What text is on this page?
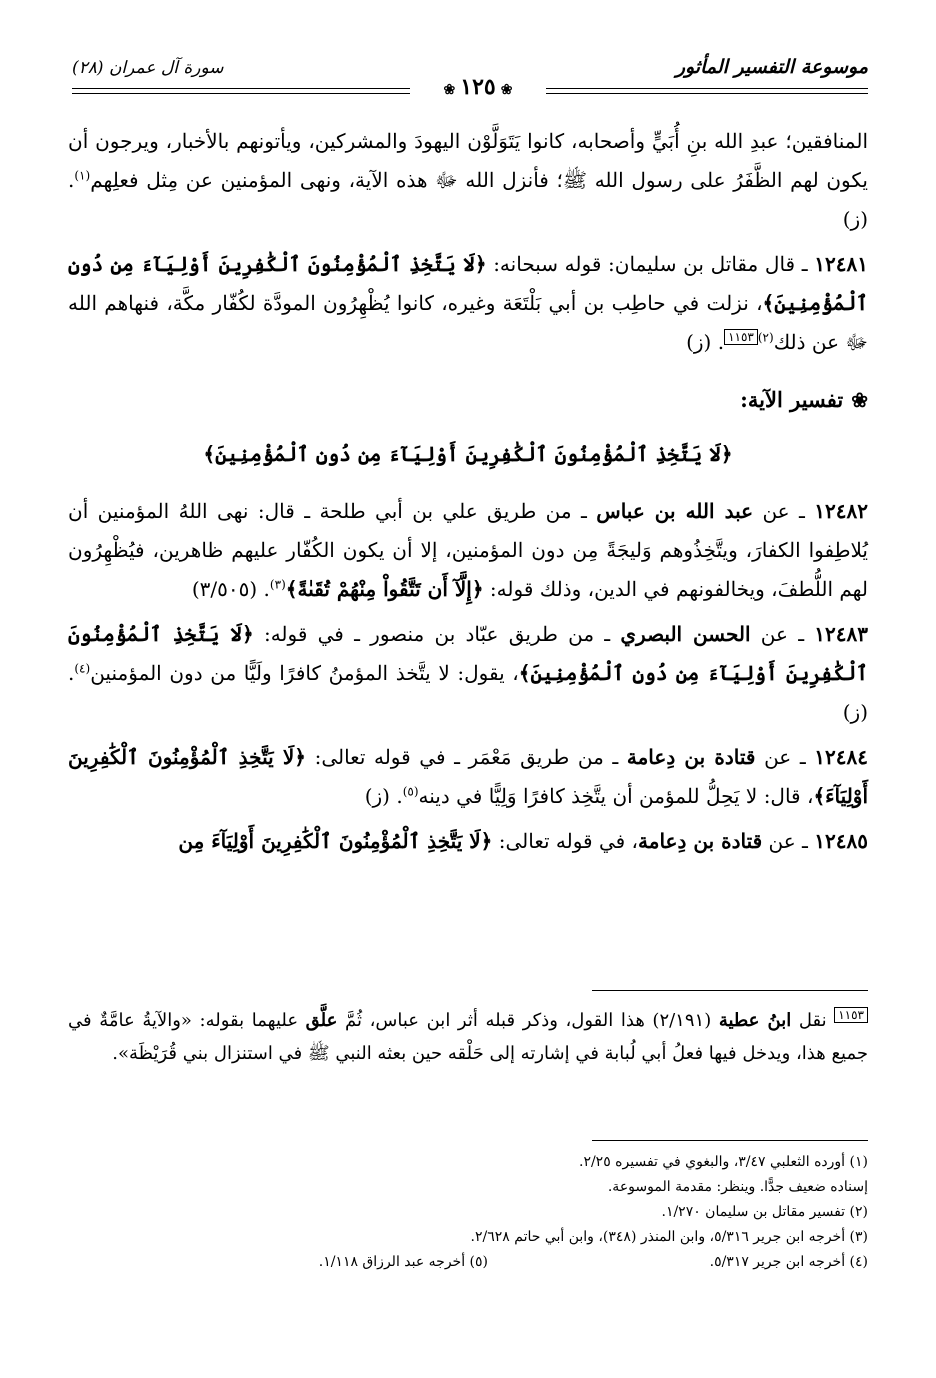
موسوعة التفسير المأثور
❀١٢٥❀
سورة آل عمران (٢٨)

المنافقين؛ عبدِ الله بنِ أُبَيٍّ وأصحابه، كانوا يَتَوَلَّوْن اليهودَ والمشركين، ويأتونهم بالأخبار، ويرجون أن يكون لهم الظَّفَرُ على رسول الله ﷺ؛ فأنزل الله ﷻ هذه الآية، ونهى المؤمنين عن مِثل فعلِهم$^{(١)}$. (ز)

١٢٤٨١ ـ قال مقاتل بن سليمان: قوله سبحانه: ﴿لَا يَتَّخِذِ ٱلْمُؤْمِنُونَ ٱلْكَٰفِرِينَ أَوْلِيَآءَ مِن دُونِ ٱلْمُؤْمِنِينَ﴾، نزلت في حاطِب بن أبي بَلْتَعَة وغيره، كانوا يُظْهِرُون المودَّة لكُفّار مكَّة، فنهاهم الله ﷻ عن ذلك$^{(٢)}$١١٥٣. (ز)

❀تفسير الآية:
﴿لَا يَتَّخِذِ ٱلْمُؤْمِنُونَ ٱلْكَٰفِرِينَ أَوْلِيَآءَ مِن دُونِ ٱلْمُؤْمِنِينَ﴾

١٢٤٨٢ ـ عن عبد الله بن عباس ـ من طريق علي بن أبي طلحة ـ قال: نهى اللهُ المؤمنين أن يُلاطِفوا الكفارَ، ويتَّخِذُوهم وَليجَةً مِن دون المؤمنين، إلا أن يكون الكُفّار عليهم ظاهرين، فيُظْهِرُون لهم اللُّطفَ، ويخالفونهم في الدين، وذلك قوله: ﴿إِلَّآ أَن تَتَّقُواْ مِنْهُمْ تُقَىٰةً﴾$^{(٣)}$. (٣/٥٠٥)

١٢٤٨٣ ـ عن الحسن البصري ـ من طريق عبّاد بن منصور ـ في قوله: ﴿لَا يَتَّخِذِ ٱلْمُؤْمِنُونَ ٱلْكَٰفِرِينَ أَوْلِيَآءَ مِن دُونِ ٱلْمُؤْمِنِينَ﴾، يقول: لا يتَّخذ المؤمنُ كافرًا ولَيًّا من دون المؤمنين$^{(٤)}$. (ز)

١٢٤٨٤ ـ عن قتادة بن دِعامة ـ من طريق مَعْمَر ـ في قوله تعالى: ﴿لَا يَتَّخِذِ ٱلْمُؤْمِنُونَ ٱلْكَٰفِرِينَ أَوْلِيَآءَ﴾، قال: لا يَحِلُّ للمؤمن أن يتَّخِذ كافرًا وَلِيًّا في دينه$^{(٥)}$. (ز)

١٢٤٨٥ ـ عن قتادة بن دِعامة، في قوله تعالى: ﴿لَا يَتَّخِذِ ٱلْمُؤْمِنُونَ ٱلْكَٰفِرِينَ أَوْلِيَآءَ مِن

١١٥٣ نقل ابنُ عطية (٢/١٩١) هذا القول، وذكر قبله أثر ابن عباس، ثُمَّ علَّق عليهما بقوله: «والآيةُ عامَّةٌ في جميع هذا، ويدخل فيها فعلُ أبي لُبابة في إشارته إلى حَلْقه حين بعثه النبي ﷺ في استنزال بني قُرَيْظَة».
(١) أورده الثعلبي ٣/٤٧، والبغوي في تفسيره ٢/٢٥.
إسناده ضعيف جدًّا. وينظر: مقدمة الموسوعة.
(٢) تفسير مقاتل بن سليمان ١/٢٧٠.
(٣) أخرجه ابن جرير ٥/٣١٦، وابن المنذر (٣٤٨)، وابن أبي حاتم ٢/٦٢٨.
(٤) أخرجه ابن جرير ٥/٣١٧.(٥) أخرجه عبد الرزاق ١/١١٨.
